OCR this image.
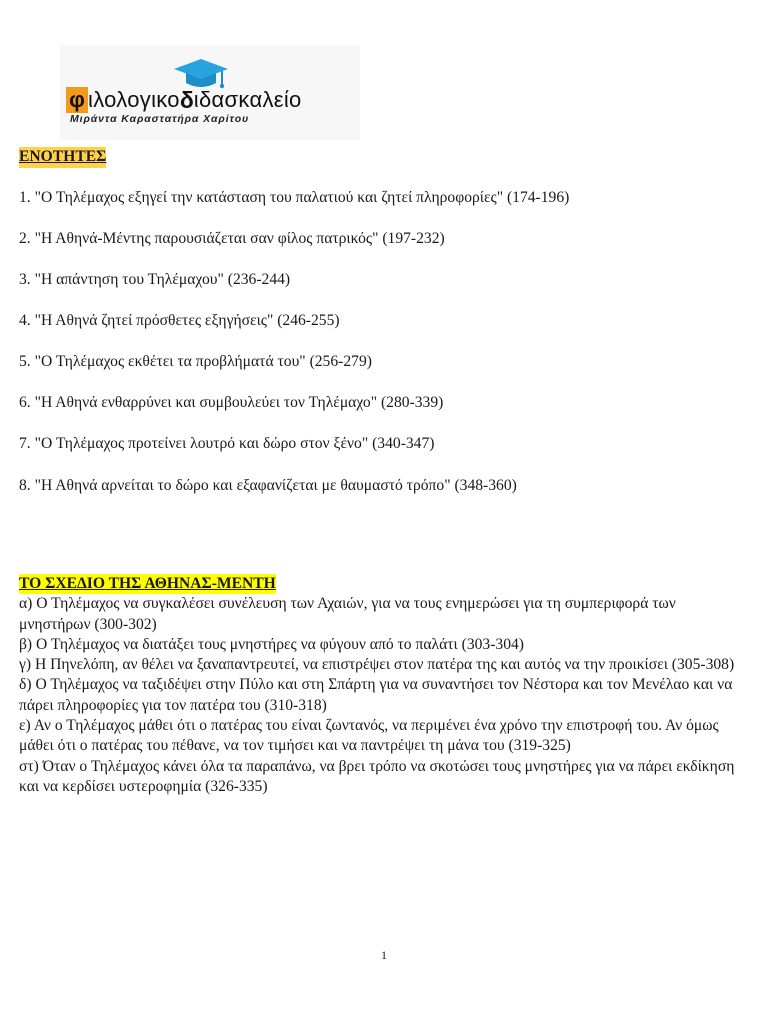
φ ιλολογικο δ ιδασκαλείο
Μιράντα Καραστατήρα Χαρίτου
ΕΝΟΤΗΤΕΣ
1. "Ο Τηλέμαχος εξηγεί την κατάσταση του παλατιού και ζητεί πληροφορίες" (174-196)
2. "Η Αθηνά-Μέντης παρουσιάζεται σαν φίλος πατρικός" (197-232)
3. "Η απάντηση του Τηλέμαχου" (236-244)
4. "Η Αθηνά ζητεί πρόσθετες εξηγήσεις" (246-255)
5. "Ο Τηλέμαχος εκθέτει τα προβλήματά του" (256-279)
6. "Η Αθηνά ενθαρρύνει και συμβουλεύει τον Τηλέμαχο" (280-339)
7. "Ο Τηλέμαχος προτείνει λουτρό και δώρο στον ξένο" (340-347)
8. "Η Αθηνά αρνείται το δώρο και εξαφανίζεται με θαυμαστό τρόπο" (348-360)
ΤΟ ΣΧΕΔΙΟ ΤΗΣ ΑΘΗΝΑΣ-ΜΕΝΤΗ

α) Ο Τηλέμαχος να συγκαλέσει συνέλευση των Αχαιών, για να τους ενημερώσει για τη συμπεριφορά των μνηστήρων (300-302)

β) Ο Τηλέμαχος να διατάξει τους μνηστήρες να φύγουν από το παλάτι (303-304)

γ) Η Πηνελόπη, αν θέλει να ξαναπαντρευτεί, να επιστρέψει στον πατέρα της και αυτός να την προικίσει (305-308)

δ) Ο Τηλέμαχος να ταξιδέψει στην Πύλο και στη Σπάρτη για να συναντήσει τον Νέστορα και τον Μενέλαο και να πάρει πληροφορίες για τον πατέρα του (310-318)

ε) Αν ο Τηλέμαχος μάθει ότι ο πατέρας του είναι ζωντανός, να περιμένει ένα χρόνο την επιστροφή του. Αν όμως μάθει ότι ο πατέρας του πέθανε, να τον τιμήσει και να παντρέψει τη μάνα του (319-325)

στ) Όταν ο Τηλέμαχος κάνει όλα τα παραπάνω, να βρει τρόπο να σκοτώσει τους μνηστήρες για να πάρει εκδίκηση και να κερδίσει υστεροφημία (326-335)

1
